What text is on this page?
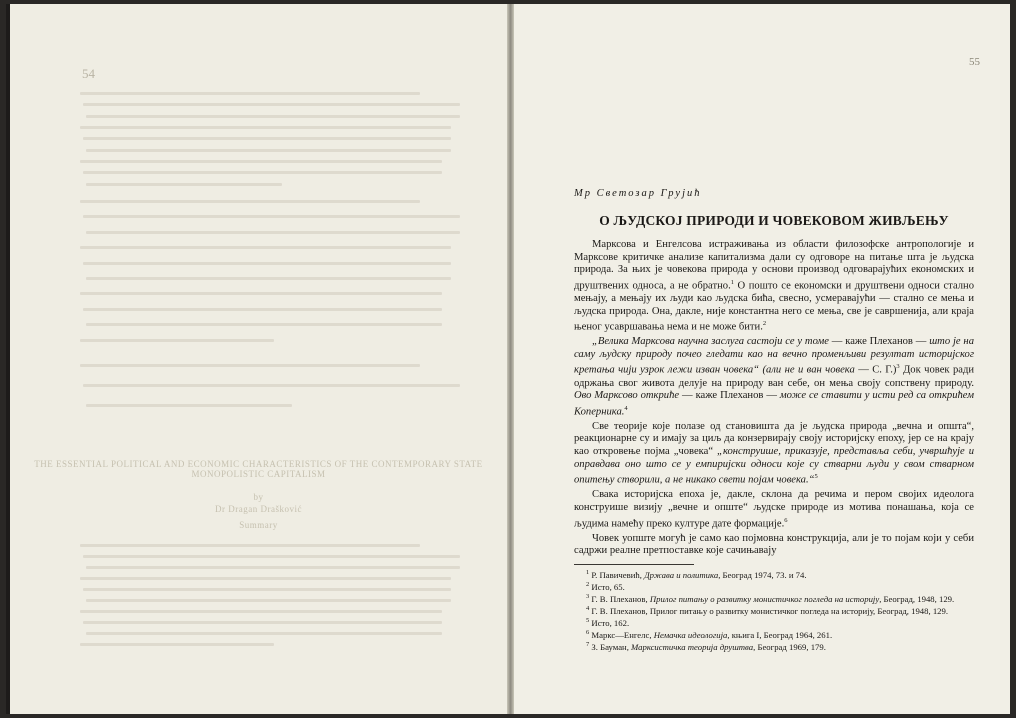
54
THE ESSENTIAL POLITICAL AND ECONOMIC CHARACTERISTICS OF THE CONTEMPORARY STATE MONOPOLISTIC CAPITALISM
by
Dr Dragan Drašković
Summary
55
Мр Светозар Грујић
О ЉУДСКОЈ ПРИРОДИ И ЧОВЕКОВОМ ЖИВЉЕЊУ

Марксова и Енгелсова истраживања из области филозофске антропологије и Марксове критичке анализе капитализма дали су одговоре на питање шта је људска природа. За њих је човекова природа у основи производ одговарајућих економских и друштвених односа, а не обратно.$^1$ О пошто се економски и друштвени односи стално мењају, а мењају их људи као људска бића, свесно, усмеравајући — стално се мења и људска природа. Она, дакле, није константна него се мења, све је савршенија, али краја њеног усавршавања нема и не може бити.$^2$

„Велика Марксова научна заслуга састоји се у томе — каже Плеханов — што је на саму људску природу почео гледати као на вечно променљиви резултат историјског кретања чији узрок лежи изван човека“ (али не и ван човека — С. Г.)$^3$ Док човек ради одржања свог живота делује на природу ван себе, он мења своју сопствену природу. Ово Марксово откриће — каже Плеханов — може се ставити у исти ред са открићем Коперника.$^4$

Све теорије које полазе од становишта да је људска природа „вечна и општа“, реакционарне су и имају за циљ да конзервирају своју историјску епоху, јер се на крају као откровење појма „човека“ „конструише, приказује, представља себи, учвршћује и оправдава оно што се у емпиријски односи које су стварни људи у свом стварном опитењу створили, а не никако свети појам човека.“$^5$

Свака историјска епоха је, дакле, склона да речима и пером својих идеолога конструише визију „вечне и опште“ људске природе из мотива понашања, која се људима намећу преко културе дате формације.$^6$

Човек уопште могућ је само као појмовна конструкција, али је то појам који у себи садржи реалне претпоставке које сачињавају

$^1$ Р. Павичевић, Држава и политика, Београд 1974, 73. и 74.

$^2$ Исто, 65.

$^3$ Г. В. Плеханов, Прилог питању о развитку монистичког погледа на историју, Београд, 1948, 129.

$^4$ Г. В. Плеханов, Прилог питању о развитку монистичког погледа на историју, Београд, 1948, 129.

$^5$ Исто, 162.

$^6$ Маркс—Енгелс, Немачка идеологија, књига I, Београд 1964, 261.

$^7$ З. Бауман, Марксистичка теорија друштва, Београд 1969, 179.
